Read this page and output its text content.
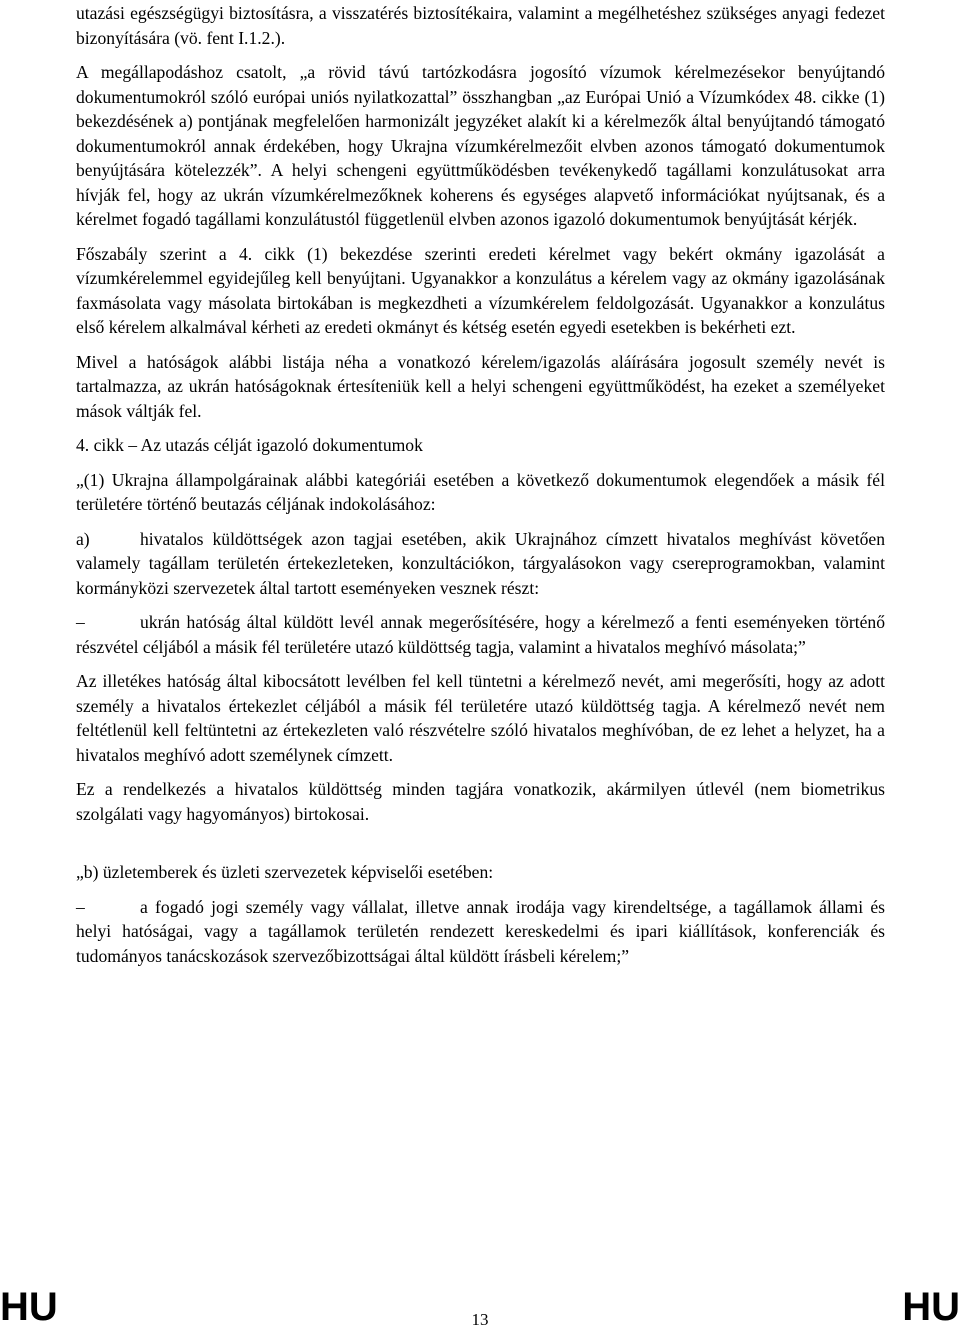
utazási egészségügyi biztosításra, a visszatérés biztosítékaira, valamint a megélhetéshez szükséges anyagi fedezet bizonyítására (vö. fent I.1.2.).

A megállapodáshoz csatolt, „a rövid távú tartózkodásra jogosító vízumok kérelmezésekor benyújtandó dokumentumokról szóló európai uniós nyilatkozattal” összhangban „az Európai Unió a Vízumkódex 48. cikke (1) bekezdésének a) pontjának megfelelően harmonizált jegyzéket alakít ki a kérelmezők által benyújtandó támogató dokumentumokról annak érdekében, hogy Ukrajna vízumkérelmezőit elvben azonos támogató dokumentumok benyújtására kötelezzék”. A helyi schengeni együttműködésben tevékenykedő tagállami konzulátusokat arra hívják fel, hogy az ukrán vízumkérelmezőknek koherens és egységes alapvető információkat nyújtsanak, és a kérelmet fogadó tagállami konzulátustól függetlenül elvben azonos igazoló dokumentumok benyújtását kérjék.

Főszabály szerint a 4. cikk (1) bekezdése szerinti eredeti kérelmet vagy bekért okmány igazolását a vízumkérelemmel egyidejűleg kell benyújtani. Ugyanakkor a konzulátus a kérelem vagy az okmány igazolásának faxmásolata vagy másolata birtokában is megkezdheti a vízumkérelem feldolgozását. Ugyanakkor a konzulátus első kérelem alkalmával kérheti az eredeti okmányt és kétség esetén egyedi esetekben is bekérheti ezt.

Mivel a hatóságok alábbi listája néha a vonatkozó kérelem/igazolás aláírására jogosult személy nevét is tartalmazza, az ukrán hatóságoknak értesíteniük kell a helyi schengeni együttműködést, ha ezeket a személyeket mások váltják fel.

4. cikk – Az utazás célját igazoló dokumentumok

„(1) Ukrajna állampolgárainak alábbi kategóriái esetében a következő dokumentumok elegendőek a másik fél területére történő beutazás céljának indokolásához:

a)	hivatalos küldöttségek azon tagjai esetében, akik Ukrajnához címzett hivatalos meghívást követően valamely tagállam területén értekezleteken, konzultációkon, tárgyalásokon vagy csereprogramokban, valamint kormányközi szervezetek által tartott eseményeken vesznek részt:

–	ukrán hatóság által küldött levél annak megerősítésére, hogy a kérelmező a fenti eseményeken történő részvétel céljából a másik fél területére utazó küldöttség tagja, valamint a hivatalos meghívó másolata;”

Az illetékes hatóság által kibocsátott levélben fel kell tüntetni a kérelmező nevét, ami megerősíti, hogy az adott személy a hivatalos értekezlet céljából a másik fél területére utazó küldöttség tagja. A kérelmező nevét nem feltétlenül kell feltüntetni az értekezleten való részvételre szóló hivatalos meghívóban, de ez lehet a helyzet, ha a hivatalos meghívó adott személynek címzett.

Ez a rendelkezés a hivatalos küldöttség minden tagjára vonatkozik, akármilyen útlevél (nem biometrikus szolgálati vagy hagyományos) birtokosai.

„b) üzletemberek és üzleti szervezetek képviselői esetében:

–	a fogadó jogi személy vagy vállalat, illetve annak irodája vagy kirendeltsége, a tagállamok állami és helyi hatóságai, vagy a tagállamok területén rendezett kereskedelmi és ipari kiállítások, konferenciák és tudományos tanácskozások szervezőbizottságai által küldött írásbeli kérelem;”

HU	13	HU
